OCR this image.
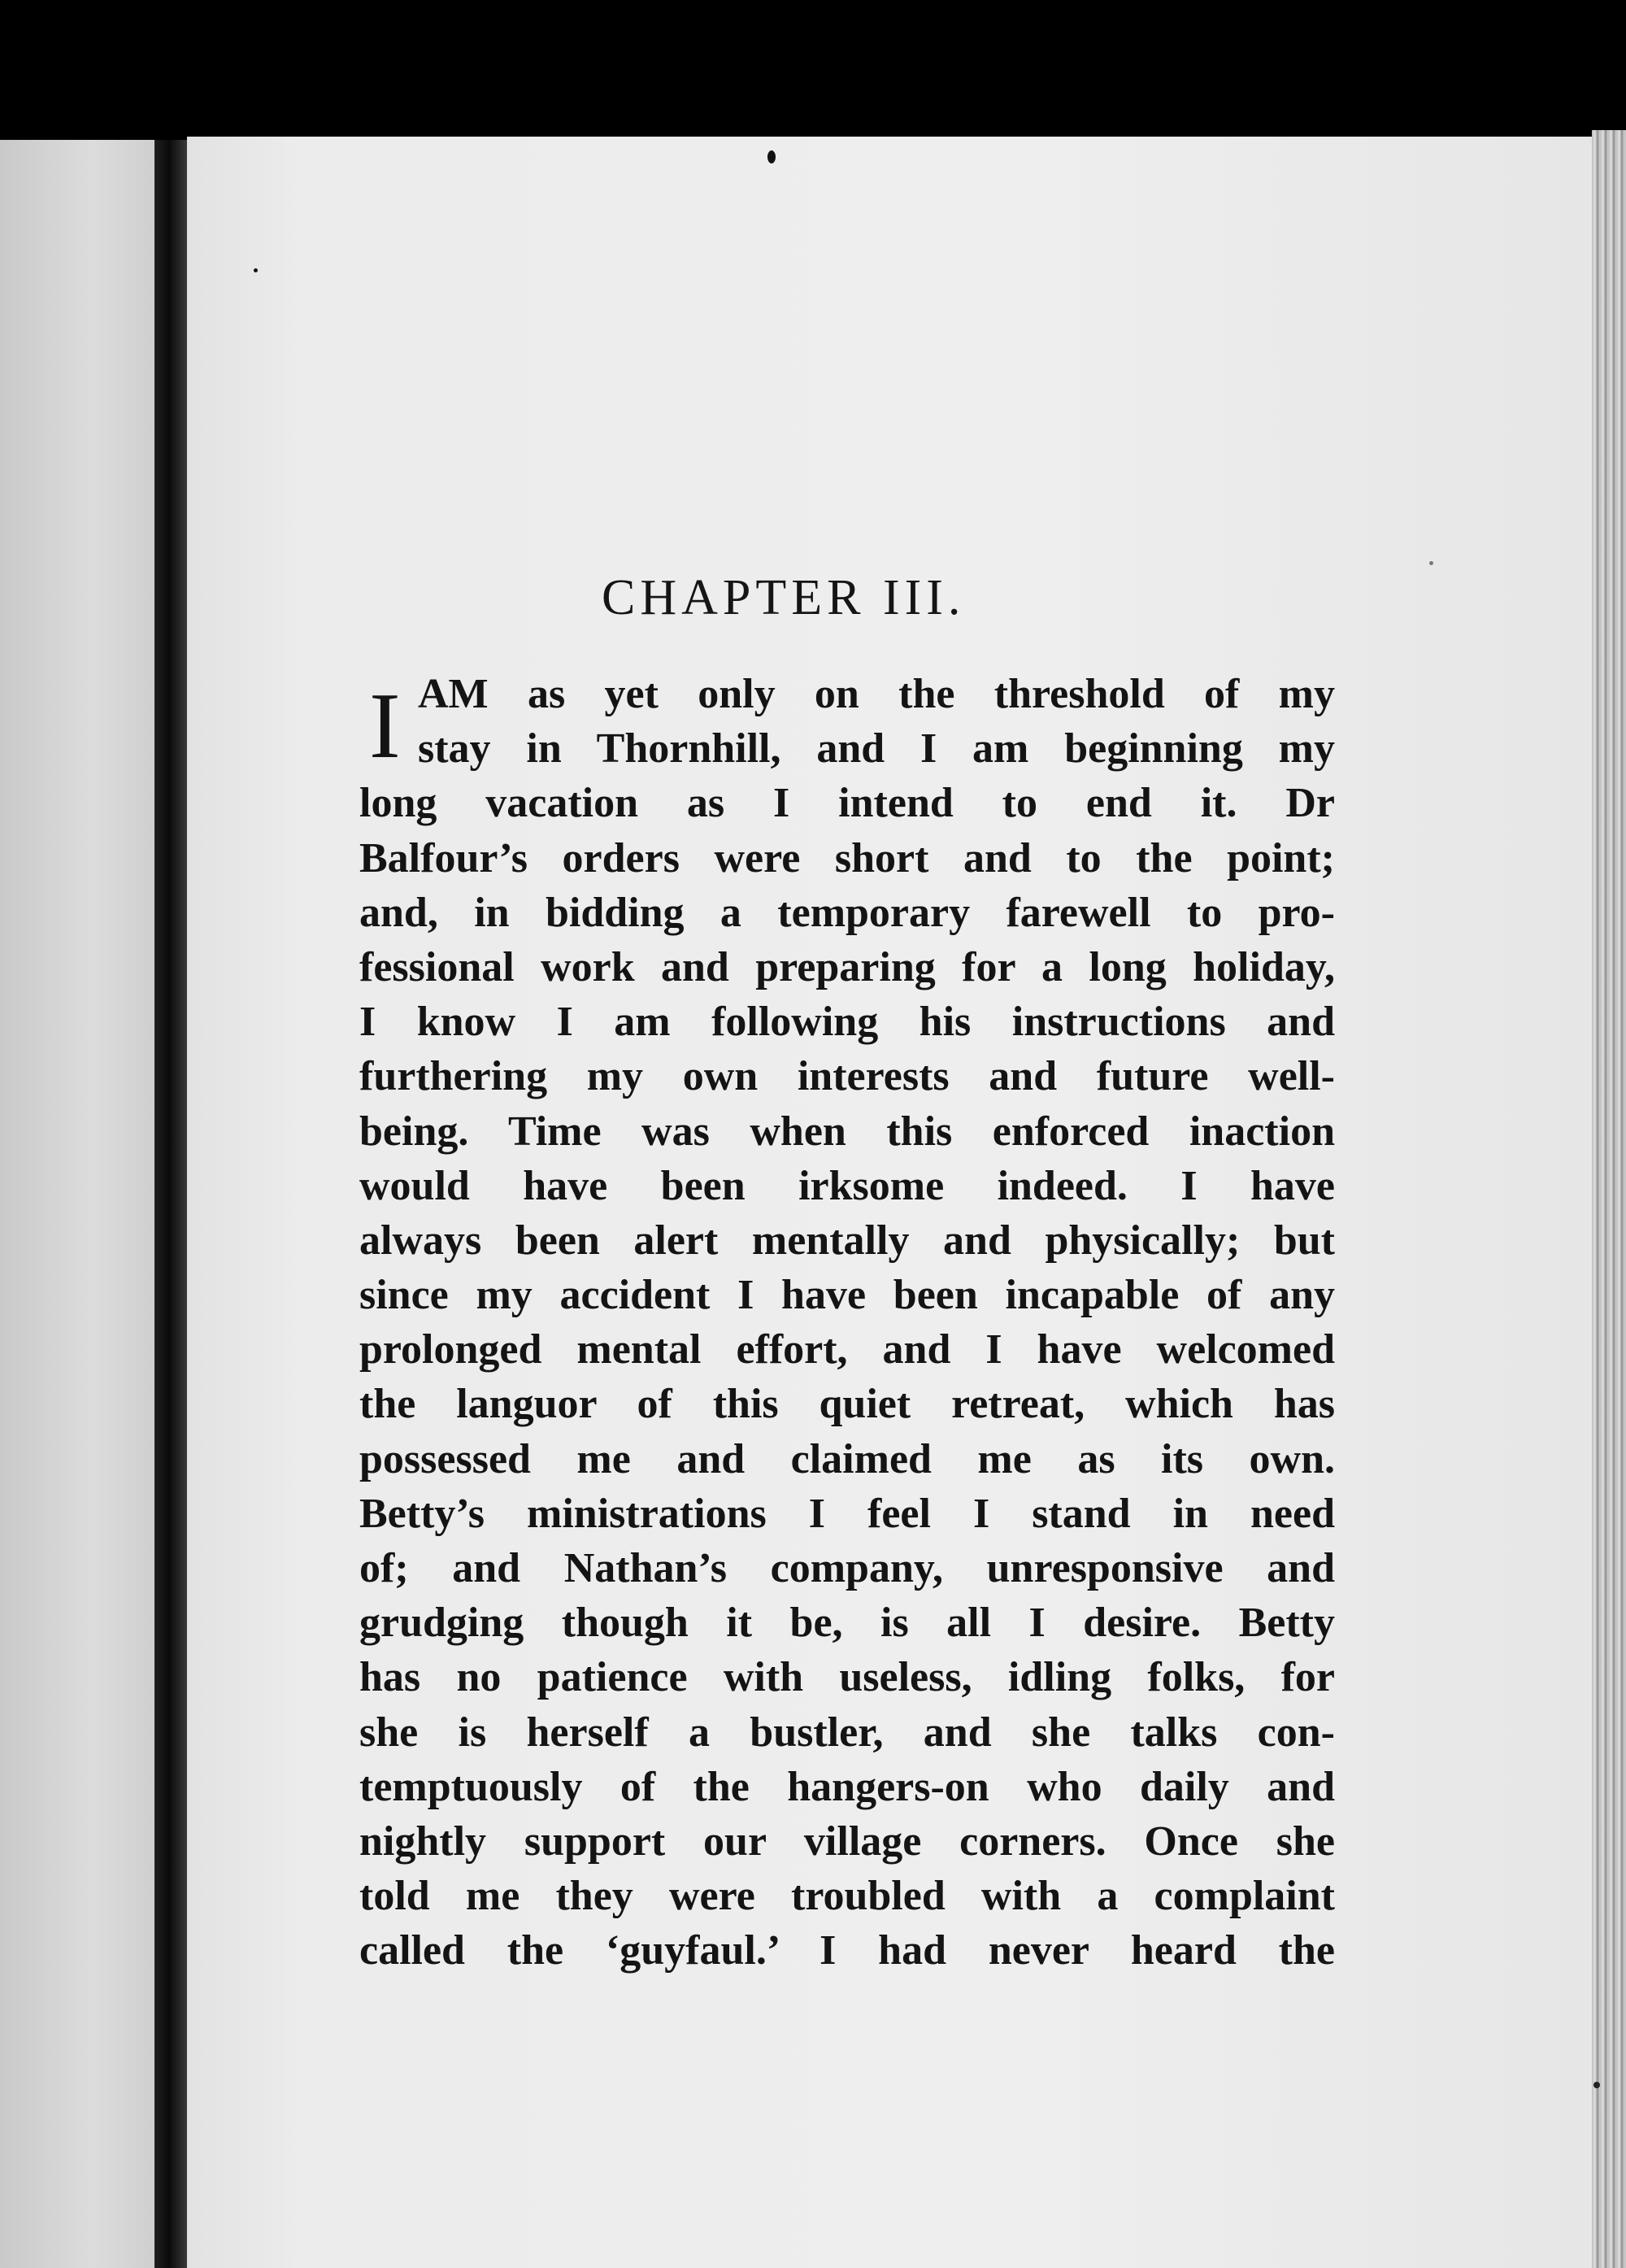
CHAPTER III.
I AM as yet only on the threshold of my
stay in Thornhill, and I am beginning my
long vacation as I intend to end it. Dr
Balfour’s orders were short and to the point;
and, in bidding a temporary farewell to pro-
fessional work and preparing for a long holiday,
I know I am following his instructions and
furthering my own interests and future well-
being. Time was when this enforced inaction
would have been irksome indeed. I have
always been alert mentally and physically; but
since my accident I have been incapable of any
prolonged mental effort, and I have welcomed
the languor of this quiet retreat, which has
possessed me and claimed me as its own.
Betty’s ministrations I feel I stand in need
of; and Nathan’s company, unresponsive and
grudging though it be, is all I desire. Betty
has no patience with useless, idling folks, for
she is herself a bustler, and she talks con-
temptuously of the hangers-on who daily and
nightly support our village corners. Once she
told me they were troubled with a complaint
called the ‘guyfaul.’ I had never heard the
